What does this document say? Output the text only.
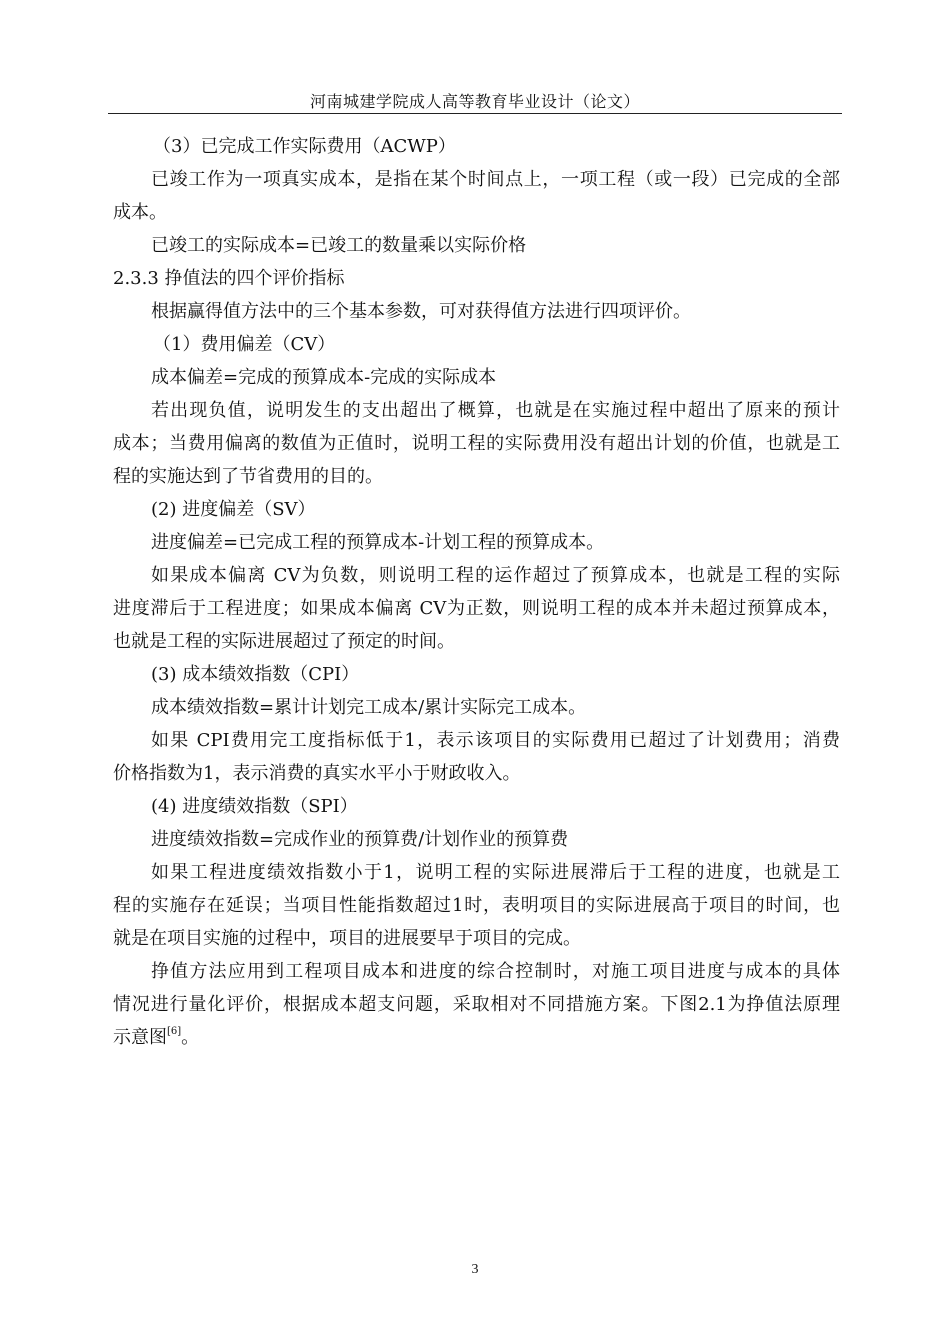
河南城建学院成人高等教育毕业设计（论文）
（3）已完成工作实际费用（ACWP）
已竣工作为一项真实成本，是指在某个时间点上，一项工程（或一段）已完成的全部
成本。
已竣工的实际成本=已竣工的数量乘以实际价格
2.3.3 挣值法的四个评价指标
根据赢得值方法中的三个基本参数，可对获得值方法进行四项评价。
（1）费用偏差（CV）
成本偏差=完成的预算成本-完成的实际成本
若出现负值，说明发生的支出超出了概算，也就是在实施过程中超出了原来的预计
成本；当费用偏离的数值为正值时，说明工程的实际费用没有超出计划的价值，也就是工
程的实施达到了节省费用的目的。
(2) 进度偏差（SV）
进度偏差=已完成工程的预算成本-计划工程的预算成本。
如果成本偏离 CV为负数，则说明工程的运作超过了预算成本，也就是工程的实际
进度滞后于工程进度；如果成本偏离 CV为正数，则说明工程的成本并未超过预算成本，
也就是工程的实际进展超过了预定的时间。
(3) 成本绩效指数（CPI）
成本绩效指数=累计计划完工成本/累计实际完工成本。
如果 CPI费用完工度指标低于1，表示该项目的实际费用已超过了计划费用；消费
价格指数为1，表示消费的真实水平小于财政收入。
(4) 进度绩效指数（SPI）
进度绩效指数=完成作业的预算费/计划作业的预算费
如果工程进度绩效指数小于1，说明工程的实际进展滞后于工程的进度，也就是工
程的实施存在延误；当项目性能指数超过1时，表明项目的实际进展高于项目的时间，也
就是在项目实施的过程中，项目的进展要早于项目的完成。
挣值方法应用到工程项目成本和进度的综合控制时，对施工项目进度与成本的具体
情况进行量化评价，根据成本超支问题，采取相对不同措施方案。下图2.1为挣值法原理
示意图[6]。
3
